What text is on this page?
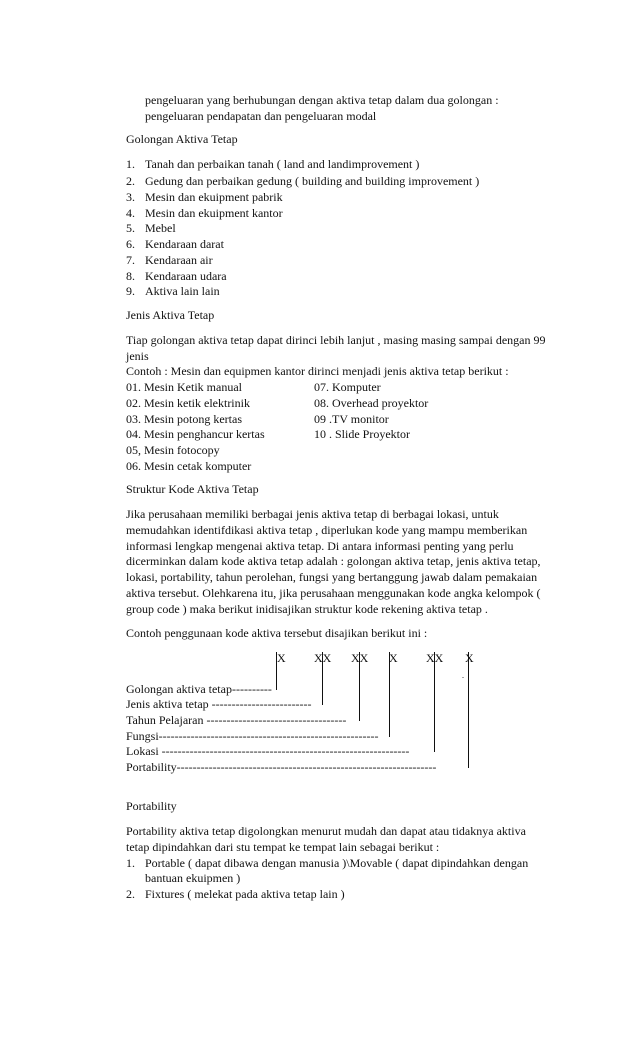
pengeluaran yang berhubungan dengan aktiva tetap dalam dua golongan :
pengeluaran pendapatan dan pengeluaran modal
Golongan Aktiva Tetap
1. Tanah dan perbaikan tanah ( land and landimprovement )
2. Gedung dan perbaikan gedung ( building and building improvement )
3. Mesin dan ekuipment pabrik
4. Mesin dan ekuipment kantor
5. Mebel
6. Kendaraan darat
7. Kendaraan air
8. Kendaraan udara
9. Aktiva lain lain
Jenis Aktiva Tetap
Tiap golongan aktiva tetap dapat dirinci lebih lanjut , masing masing sampai dengan 99
jenis
Contoh : Mesin dan equipmen kantor dirinci menjadi jenis aktiva tetap berikut :
01. Mesin Ketik manual	07. Komputer
02. Mesin ketik elektrinik	08. Overhead proyektor
03. Mesin potong kertas	09 .TV monitor
04. Mesin penghancur kertas	10 . Slide Proyektor
05, Mesin fotocopy
06. Mesin cetak komputer
Struktur Kode Aktiva Tetap
Jika perusahaan memiliki berbagai jenis aktiva tetap di berbagai lokasi, untuk
memudahkan identifdikasi aktiva tetap , diperlukan kode yang mampu memberikan
informasi lengkap mengenai aktiva tetap. Di antara informasi penting yang perlu
dicerminkan dalam kode aktiva tetap adalah : golongan aktiva tetap, jenis aktiva tetap,
lokasi, portability, tahun perolehan, fungsi yang bertanggung jawab dalam pemakaian
aktiva tersebut. Olehkarena itu, jika perusahaan menggunakan kode angka kelompok (
group code ) maka berikut inidisajikan struktur kode rekening aktiva tetap .
Contoh penggunaan kode aktiva tersebut disajikan berikut ini :
X XX XX X XX X
.
Golongan aktiva tetap----------
Jenis aktiva tetap -------------------------
Tahun Pelajaran -----------------------------------
Fungsi-------------------------------------------------------
Lokasi --------------------------------------------------------------
Portability-----------------------------------------------------------------
Portability
Portability aktiva tetap digolongkan menurut mudah dan dapat atau tidaknya aktiva
tetap dipindahkan dari stu tempat ke tempat lain sebagai berikut :
1. Portable ( dapat dibawa dengan manusia )\Movable ( dapat dipindahkan dengan
bantuan ekuipmen )
2. Fixtures ( melekat pada aktiva tetap lain )
